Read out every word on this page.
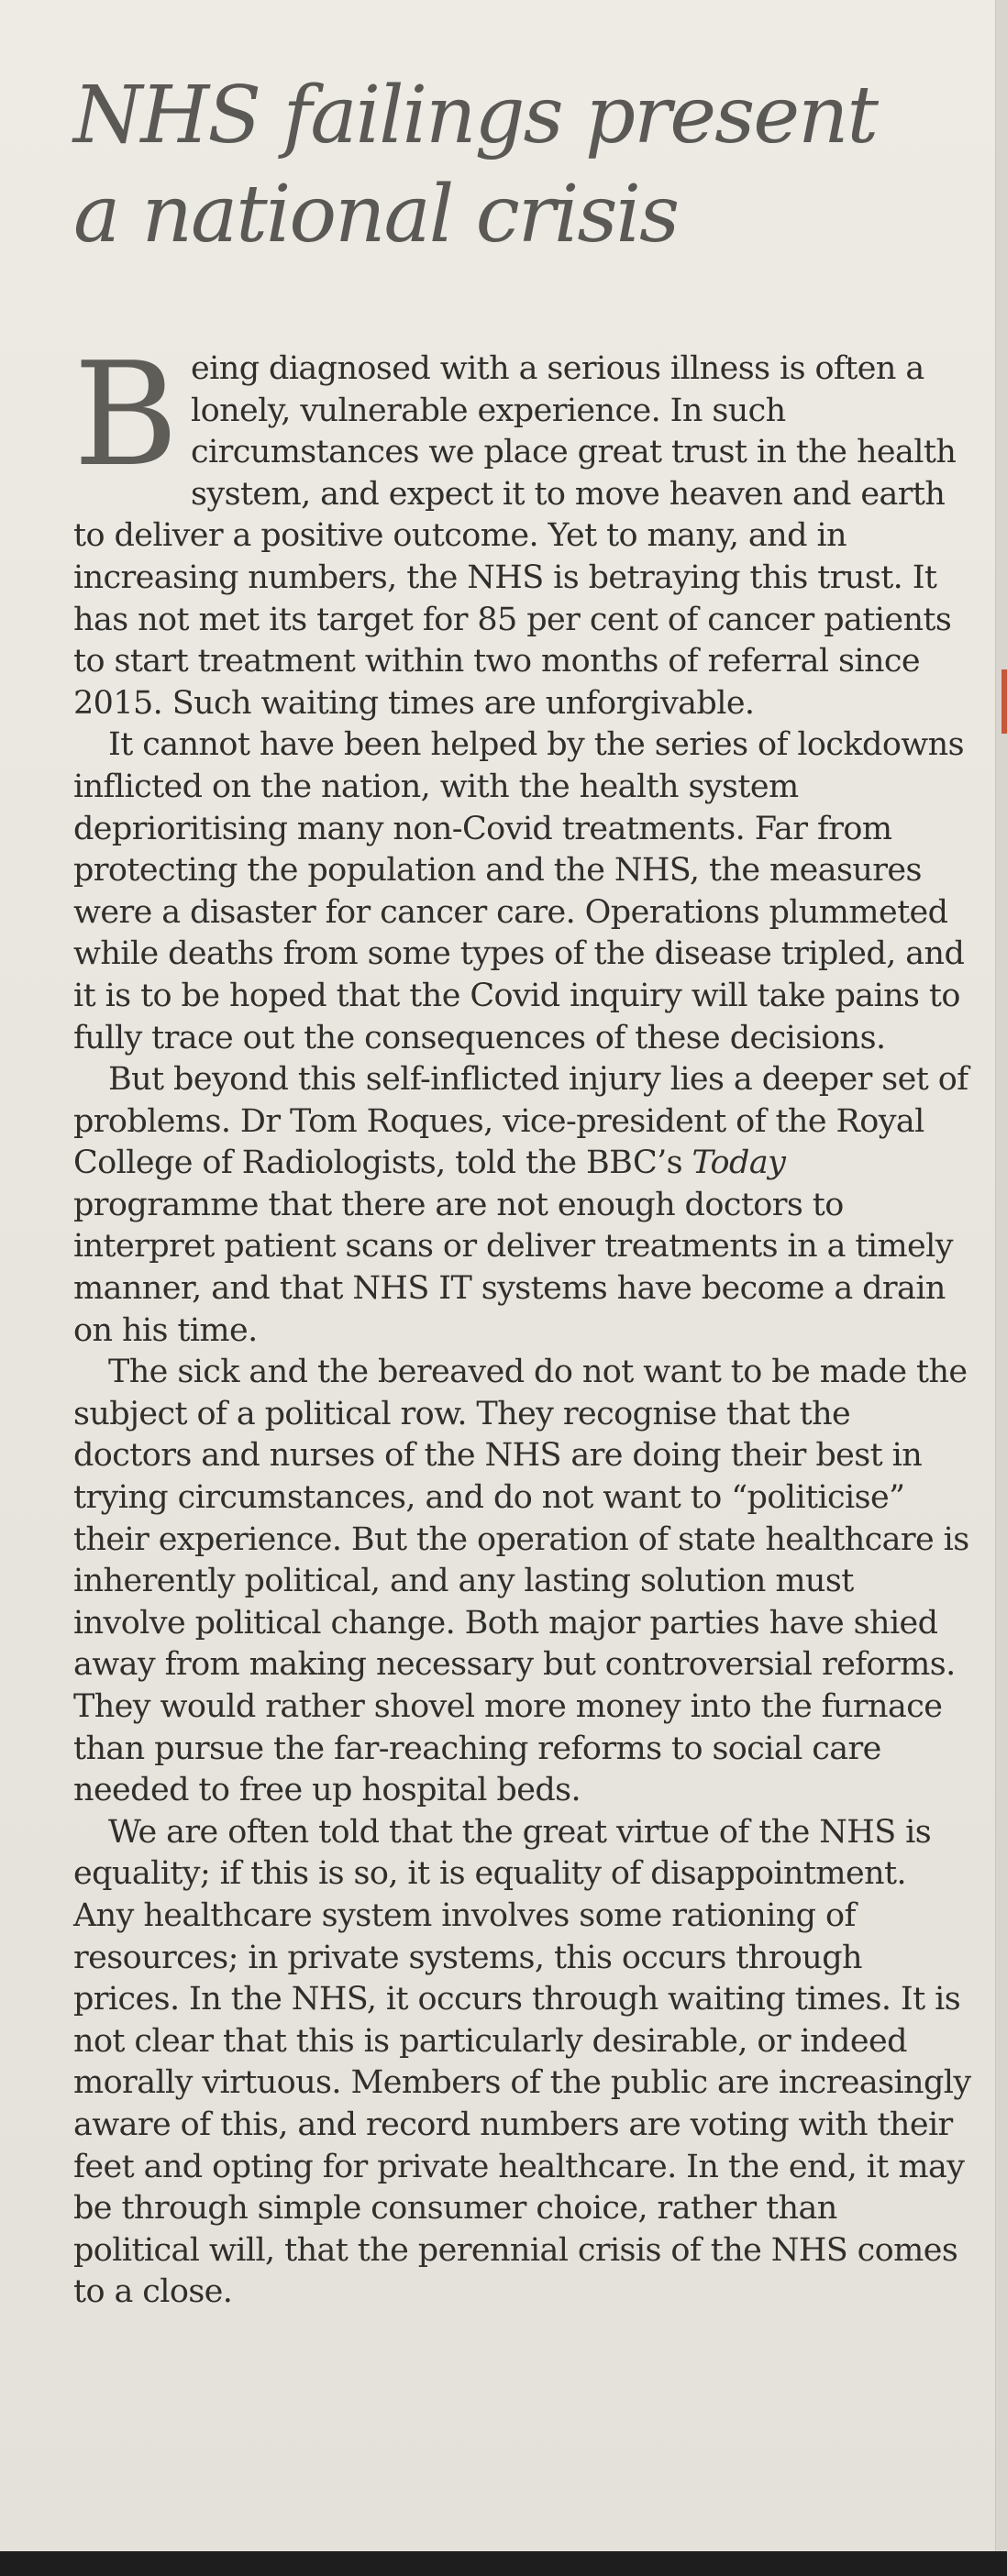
NHS failings present
a national crisis

Being diagnosed with a serious illness is often a lonely, vulnerable experience. In such circumstances we place great trust in the health system, and expect it to move heaven and earth to deliver a positive outcome. Yet to many, and in increasing numbers, the NHS is betraying this trust. It has not met its target for 85 per cent of cancer patients to start treatment within two months of referral since 2015. Such waiting times are unforgivable.

It cannot have been helped by the series of lockdowns inflicted on the nation, with the health system deprioritising many non-Covid treatments. Far from protecting the population and the NHS, the measures were a disaster for cancer care. Operations plummeted while deaths from some types of the disease tripled, and it is to be hoped that the Covid inquiry will take pains to fully trace out the consequences of these decisions.

But beyond this self-inflicted injury lies a deeper set of problems. Dr Tom Roques, vice-president of the Royal College of Radiologists, told the BBC’s Today programme that there are not enough doctors to interpret patient scans or deliver treatments in a timely manner, and that NHS IT systems have become a drain on his time.

The sick and the bereaved do not want to be made the subject of a political row. They recognise that the doctors and nurses of the NHS are doing their best in trying circumstances, and do not want to “politicise” their experience. But the operation of state healthcare is inherently political, and any lasting solution must involve political change. Both major parties have shied away from making necessary but controversial reforms. They would rather shovel more money into the furnace than pursue the far-reaching reforms to social care needed to free up hospital beds.

We are often told that the great virtue of the NHS is equality; if this is so, it is equality of disappointment. Any healthcare system involves some rationing of resources; in private systems, this occurs through prices. In the NHS, it occurs through waiting times. It is not clear that this is particularly desirable, or indeed morally virtuous. Members of the public are increasingly aware of this, and record numbers are voting with their feet and opting for private healthcare. In the end, it may be through simple consumer choice, rather than political will, that the perennial crisis of the NHS comes to a close.
